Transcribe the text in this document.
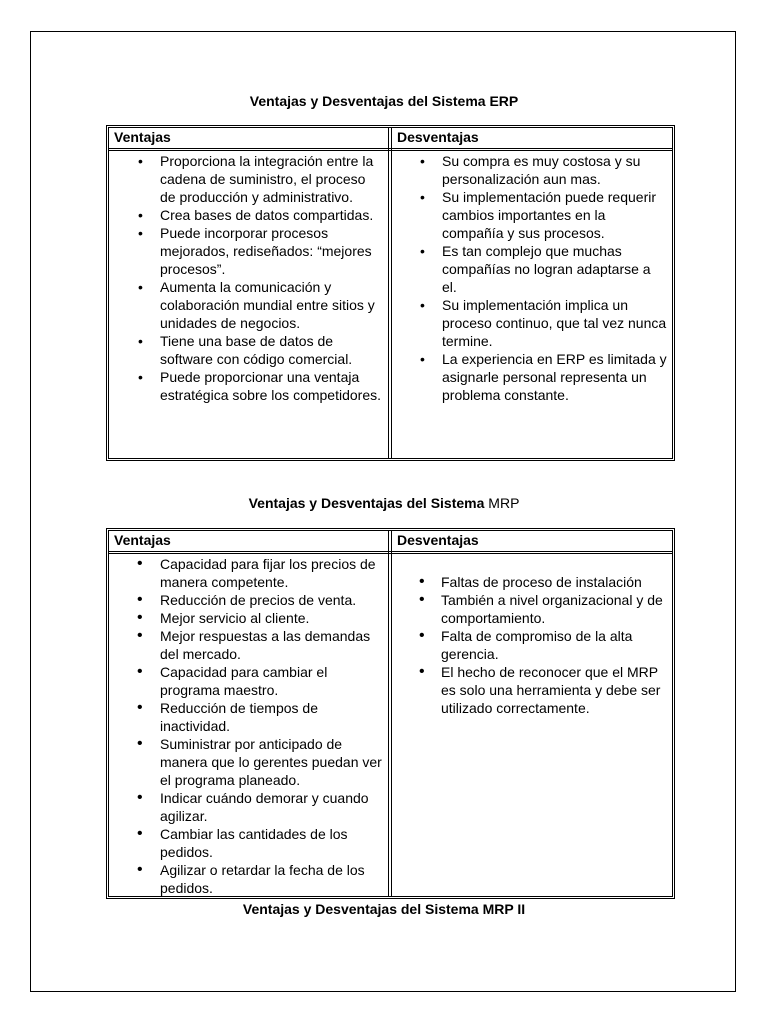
Ventajas y Desventajas del Sistema ERP
Ventajas	Desventajas
• Proporciona la integración entre la cadena de suministro, el proceso de producción y administrativo.
• Crea bases de datos compartidas.
• Puede incorporar procesos mejorados, rediseñados: “mejores procesos”.
• Aumenta la comunicación y colaboración mundial entre sitios y unidades de negocios.
• Tiene una base de datos de software con código comercial.
• Puede proporcionar una ventaja estratégica sobre los competidores.
• Su compra es muy costosa y su personalización aun mas.
• Su implementación puede requerir cambios importantes en la compañía y sus procesos.
• Es tan complejo que muchas compañías no logran adaptarse a el.
• Su implementación implica un proceso continuo, que tal vez nunca termine.
• La experiencia en ERP es limitada y asignarle personal representa un problema constante.
Ventajas y Desventajas del Sistema MRP
Ventajas	Desventajas
• Capacidad para fijar los precios de manera competente.
• Reducción de precios de venta.
• Mejor servicio al cliente.
• Mejor respuestas a las demandas del mercado.
• Capacidad para cambiar el programa maestro.
• Reducción de tiempos de inactividad.
• Suministrar por anticipado de manera que lo gerentes puedan ver el programa planeado.
• Indicar cuándo demorar y cuando agilizar.
• Cambiar las cantidades de los pedidos.
• Agilizar o retardar la fecha de los pedidos.
• Faltas de proceso de instalación
• También a nivel organizacional y de comportamiento.
• Falta de compromiso de la alta gerencia.
• El hecho de reconocer que el MRP es solo una herramienta y debe ser utilizado correctamente.
Ventajas y Desventajas del Sistema MRP II
